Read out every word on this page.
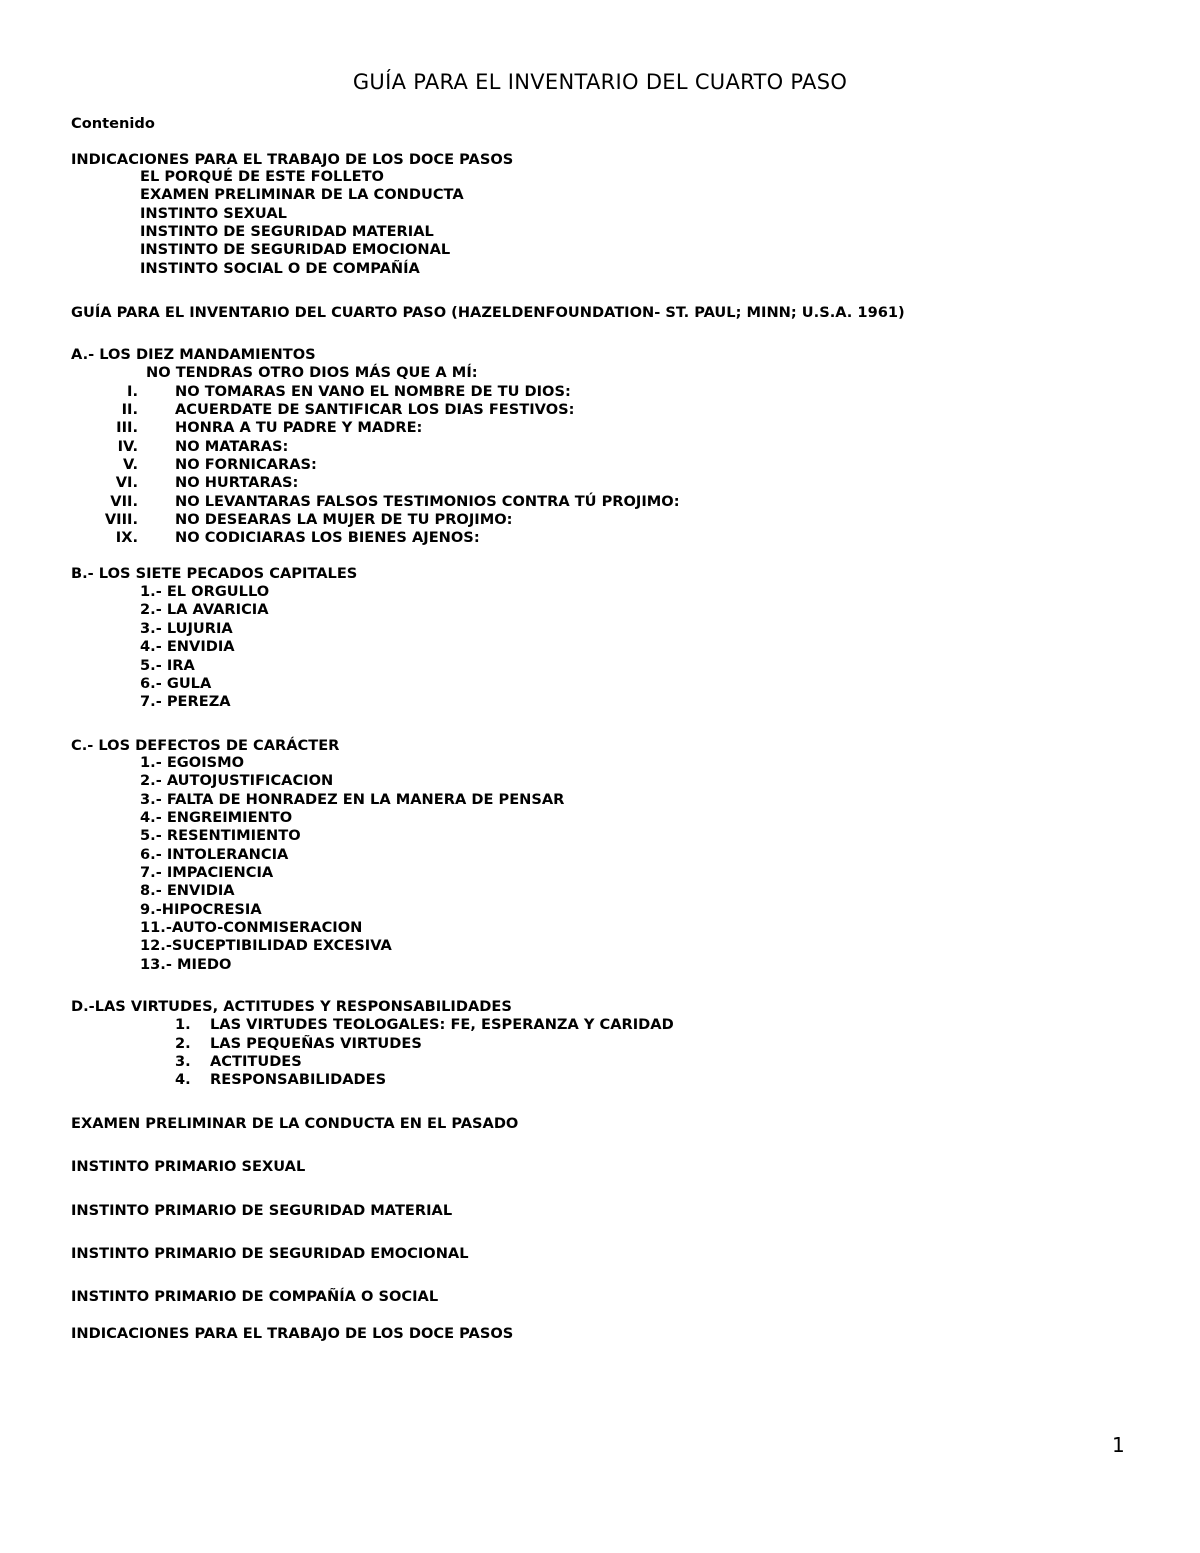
GUÍA PARA EL INVENTARIO DEL CUARTO PASO
Contenido
INDICACIONES PARA EL TRABAJO DE LOS DOCE PASOS
EL PORQUÉ DE ESTE FOLLETO
EXAMEN PRELIMINAR DE LA CONDUCTA
INSTINTO SEXUAL
INSTINTO DE SEGURIDAD MATERIAL
INSTINTO DE SEGURIDAD EMOCIONAL
INSTINTO SOCIAL O DE COMPAÑÍA
GUÍA PARA EL INVENTARIO DEL CUARTO PASO (HAZELDENFOUNDATION- ST. PAUL; MINN; U.S.A. 1961)
A.- LOS DIEZ MANDAMIENTOS
NO TENDRAS OTRO DIOS MÁS QUE A MÍ:
I.	NO TOMARAS EN VANO EL NOMBRE DE TU DIOS:
II.	ACUERDATE DE SANTIFICAR LOS DIAS FESTIVOS:
III.	HONRA A TU PADRE Y MADRE:
IV.	NO MATARAS:
V.	NO FORNICARAS:
VI.	NO HURTARAS:
VII.	NO LEVANTARAS FALSOS TESTIMONIOS CONTRA TÚ PROJIMO:
VIII.	NO DESEARAS LA MUJER DE TU PROJIMO:
IX.	NO CODICIARAS LOS BIENES AJENOS:
B.- LOS SIETE PECADOS CAPITALES
1.- EL ORGULLO
2.- LA AVARICIA
3.- LUJURIA
4.- ENVIDIA
5.- IRA
6.- GULA
7.- PEREZA
C.- LOS DEFECTOS DE CARÁCTER
1.- EGOISMO
2.- AUTOJUSTIFICACION
3.- FALTA DE HONRADEZ EN LA MANERA DE PENSAR
4.- ENGREIMIENTO
5.- RESENTIMIENTO
6.- INTOLERANCIA
7.- IMPACIENCIA
8.- ENVIDIA
9.-HIPOCRESIA
11.-AUTO-CONMISERACION
12.-SUCEPTIBILIDAD EXCESIVA
13.- MIEDO
D.-LAS VIRTUDES, ACTITUDES Y RESPONSABILIDADES
1. LAS VIRTUDES TEOLOGALES: FE, ESPERANZA Y CARIDAD
2. LAS PEQUEÑAS VIRTUDES
3. ACTITUDES
4. RESPONSABILIDADES
EXAMEN PRELIMINAR DE LA CONDUCTA EN EL PASADO
INSTINTO PRIMARIO SEXUAL
INSTINTO PRIMARIO DE SEGURIDAD MATERIAL
INSTINTO PRIMARIO DE SEGURIDAD EMOCIONAL
INSTINTO PRIMARIO DE COMPAÑÍA O SOCIAL
INDICACIONES PARA EL TRABAJO DE LOS DOCE PASOS
1
